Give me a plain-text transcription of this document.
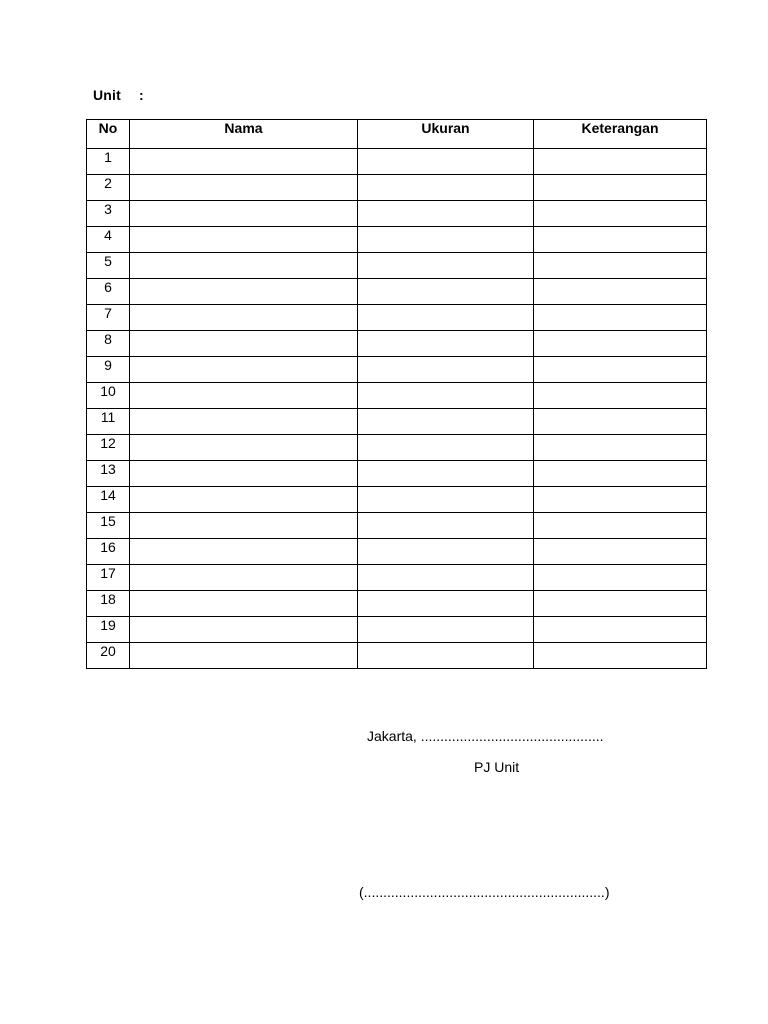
Unit :
No	Nama	Ukuran	Keterangan
1			
2			
3			
4			
5			
6			
7			
8			
9			
10			
11			
12			
13			
14			
15			
16			
17			
18			
19			
20			
Jakarta, ...............................................
PJ Unit
(..............................................................)
